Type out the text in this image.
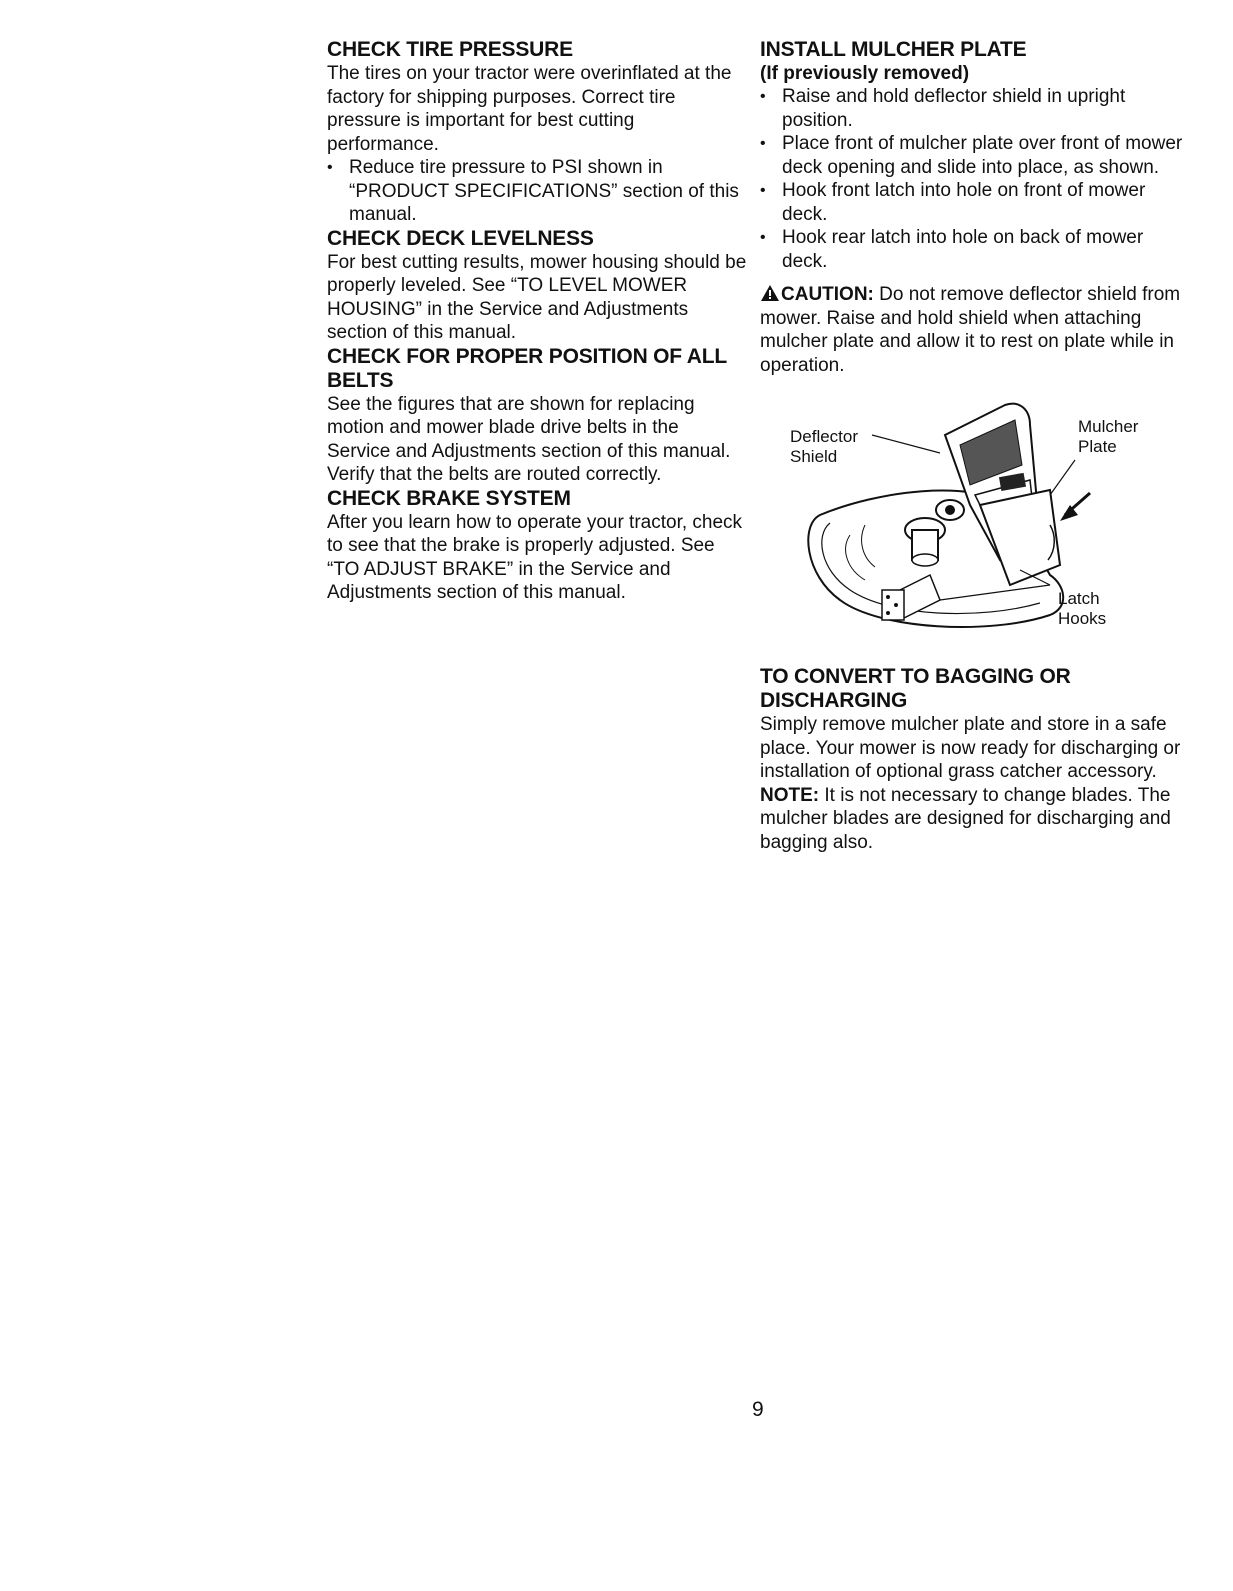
CHECK TIRE PRESSURE

The tires on your tractor were overinflated at the factory for shipping purposes. Correct tire pressure is important for best cutting performance.

• Reduce tire pressure to PSI shown in “PRODUCT SPECIFICATIONS” section of this manual.
CHECK DECK LEVELNESS

For best cutting results, mower housing should be properly leveled. See “TO LEVEL MOWER HOUSING” in the Service and Adjustments section of this manual.

CHECK FOR PROPER POSITION OF ALL BELTS

See the figures that are shown for replacing motion and mower blade drive belts in the Service and Adjustments section of this manual. Verify that the belts are routed correctly.

CHECK BRAKE SYSTEM

After you learn how to operate your tractor, check to see that the brake is properly adjusted. See “TO ADJUST BRAKE” in the Service and Adjustments section of this manual.

INSTALL MULCHER PLATE
(If previously removed)
• Raise and hold deflector shield in upright position.
• Place front of mulcher plate over front of mower deck opening and slide into place, as shown.
• Hook front latch into hole on front of mower deck.
• Hook rear latch into hole on back of mower deck.

CAUTION: Do not remove deflector shield from mower. Raise and hold shield when attaching mulcher plate and allow it to rest on plate while in operation.

Deflector
Shield
Mulcher
Plate
Latch
Hooks
TO CONVERT TO BAGGING OR DISCHARGING

Simply remove mulcher plate and store in a safe place. Your mower is now ready for discharging or installation of optional grass catcher accessory.

NOTE: It is not necessary to change blades. The mulcher blades are designed for discharging and bagging also.

9
